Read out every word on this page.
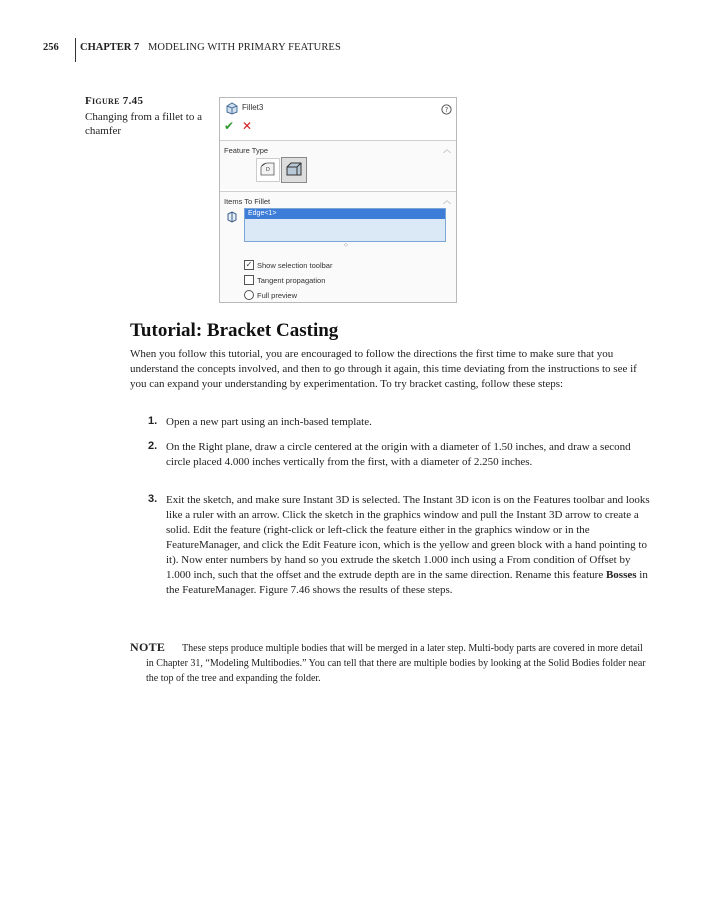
256 CHAPTER 7 MODELING WITH PRIMARY FEATURES
Figure 7.45
Changing from a fillet to a chamfer
Fillet3	?
✔ ✕
Feature Type	︿
D
Items To Fillet	︿
Edge<1>
◇
✓ Show selection toolbar
Tangent propagation
Full preview
Tutorial: Bracket Casting
When you follow this tutorial, you are encouraged to follow the directions the first time to make sure that you understand the concepts involved, and then to go through it again, this time deviating from the instructions to see if you can expand your understanding by experimentation. To try bracket casting, follow these steps:
1. Open a new part using an inch-based template.
2. On the Right plane, draw a circle centered at the origin with a diameter of 1.50 inches, and draw a second circle placed 4.000 inches vertically from the first, with a diameter of 2.250 inches.
3. Exit the sketch, and make sure Instant 3D is selected. The Instant 3D icon is on the Features toolbar and looks like a ruler with an arrow. Click the sketch in the graphics window and pull the Instant 3D arrow to create a solid. Edit the feature (right-click or left-click the feature either in the graphics window or in the FeatureManager, and click the Edit Feature icon, which is the yellow and green block with a hand pointing to it). Now enter numbers by hand so you extrude the sketch 1.000 inch using a From condition of Offset by 1.000 inch, such that the offset and the extrude depth are in the same direction. Rename this feature Bosses in the FeatureManager. Figure 7.46 shows the results of these steps.
NOTE	These steps produce multiple bodies that will be merged in a later step. Multi-body parts are covered in more detail in Chapter 31, “Modeling Multibodies.” You can tell that there are multiple bodies by looking at the Solid Bodies folder near the top of the tree and expanding the folder.
